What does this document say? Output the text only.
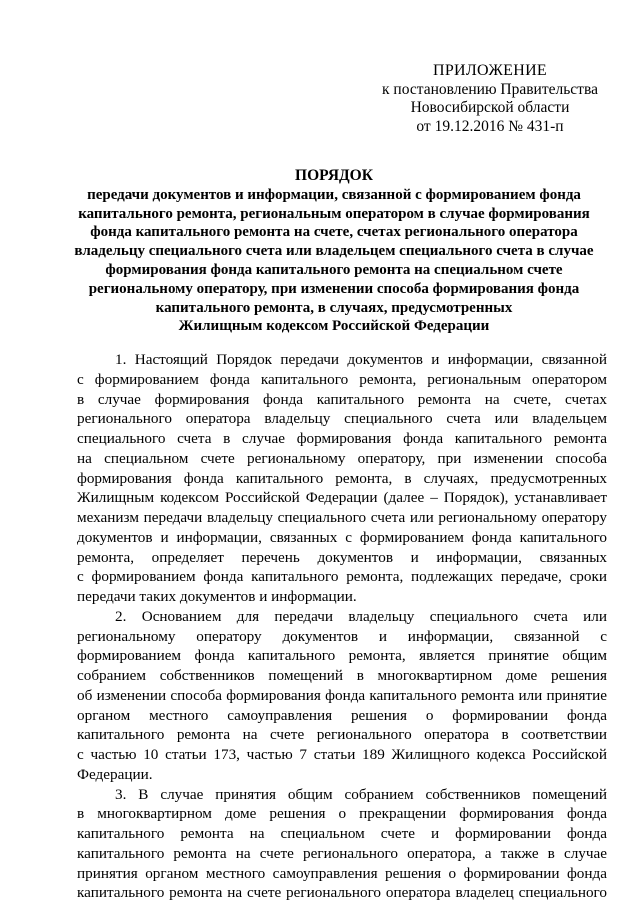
ПРИЛОЖЕНИЕ
к постановлению Правительства
Новосибирской области
от 19.12.2016 № 431-п
ПОРЯДОК
передачи документов и информации, связанной с формированием фонда
капитального ремонта, региональным оператором в случае формирования
фонда капитального ремонта на счете, счетах регионального оператора
владельцу специального счета или владельцем специального счета в случае
формирования фонда капитального ремонта на специальном счете
региональному оператору, при изменении способа формирования фонда
капитального ремонта, в случаях, предусмотренных
Жилищным кодексом Российской Федерации
1. Настоящий Порядок передачи документов и информации, связанной
с формированием фонда капитального ремонта, региональным оператором
в случае формирования фонда капитального ремонта на счете, счетах
регионального оператора владельцу специального счета или владельцем
специального счета в случае формирования фонда капитального ремонта
на специальном счете региональному оператору, при изменении способа
формирования фонда капитального ремонта, в случаях, предусмотренных
Жилищным кодексом Российской Федерации (далее – Порядок), устанавливает
механизм передачи владельцу специального счета или региональному оператору
документов и информации, связанных с формированием фонда капитального
ремонта, определяет перечень документов и информации, связанных
с формированием фонда капитального ремонта, подлежащих передаче, сроки
передачи таких документов и информации.
2. Основанием для передачи владельцу специального счета или
региональному оператору документов и информации, связанной с
формированием фонда капитального ремонта, является принятие общим
собранием собственников помещений в многоквартирном доме решения
об изменении способа формирования фонда капитального ремонта или принятие
органом местного самоуправления решения о формировании фонда
капитального ремонта на счете регионального оператора в соответствии
с частью 10 статьи 173, частью 7 статьи 189 Жилищного кодекса Российской
Федерации.
3. В случае принятия общим собранием собственников помещений
в многоквартирном доме решения о прекращении формирования фонда
капитального ремонта на специальном счете и формировании фонда
капитального ремонта на счете регионального оператора, а также в случае
принятия органом местного самоуправления решения о формировании фонда
капитального ремонта на счете регионального оператора владелец специального
